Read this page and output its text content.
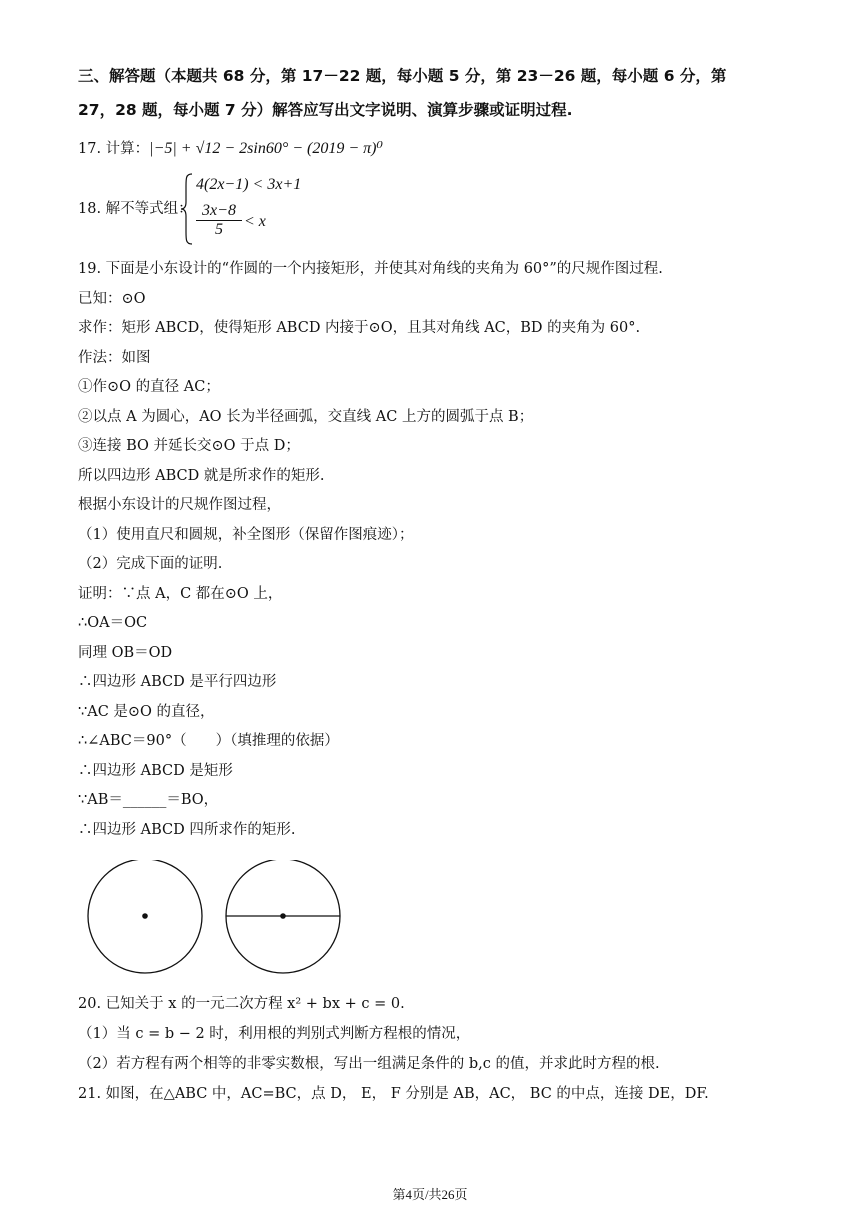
三、解答题（本题共 68 分，第 17－22 题，每小题 5 分，第 23－26 题，每小题 6 分，第
27，28 题，每小题 7 分）解答应写出文字说明、演算步骤或证明过程.
17. 计算：|−5| + √12 − 2sin60° − (2019 − π)⁰
18. 解不等式组：
4(2x−1) < 3x+1
$\frac{3x-8}{5} < x$
19. 下面是小东设计的“作圆的一个内接矩形，并使其对角线的夹角为 60°”的尺规作图过程.
已知：⊙O
求作：矩形 ABCD，使得矩形 ABCD 内接于⊙O，且其对角线 AC，BD 的夹角为 60°.
作法：如图
①作⊙O 的直径 AC；
②以点 A 为圆心，AO 长为半径画弧，交直线 AC 上方的圆弧于点 B；
③连接 BO 并延长交⊙O 于点 D；
所以四边形 ABCD 就是所求作的矩形.
根据小东设计的尺规作图过程，
（1）使用直尺和圆规，补全图形（保留作图痕迹）；
（2）完成下面的证明.
证明：∵点 A，C 都在⊙O 上，
∴OA＝OC
同理 OB＝OD
∴四边形 ABCD 是平行四边形
∵AC 是⊙O 的直径，
∴∠ABC＝90°（　　）（填推理的依据）
∴四边形 ABCD 是矩形
∵AB＝______＝BO，
∴四边形 ABCD 四所求作的矩形.
20. 已知关于 x 的一元二次方程 x² + bx + c = 0.
（1）当 c = b − 2 时，利用根的判别式判断方程根的情况，
（2）若方程有两个相等的非零实数根，写出一组满足条件的 b,c 的值，并求此时方程的根.
21. 如图，在△ABC 中，AC=BC，点 D， E， F 分别是 AB，AC， BC 的中点，连接 DE，DF.
第4页/共26页
